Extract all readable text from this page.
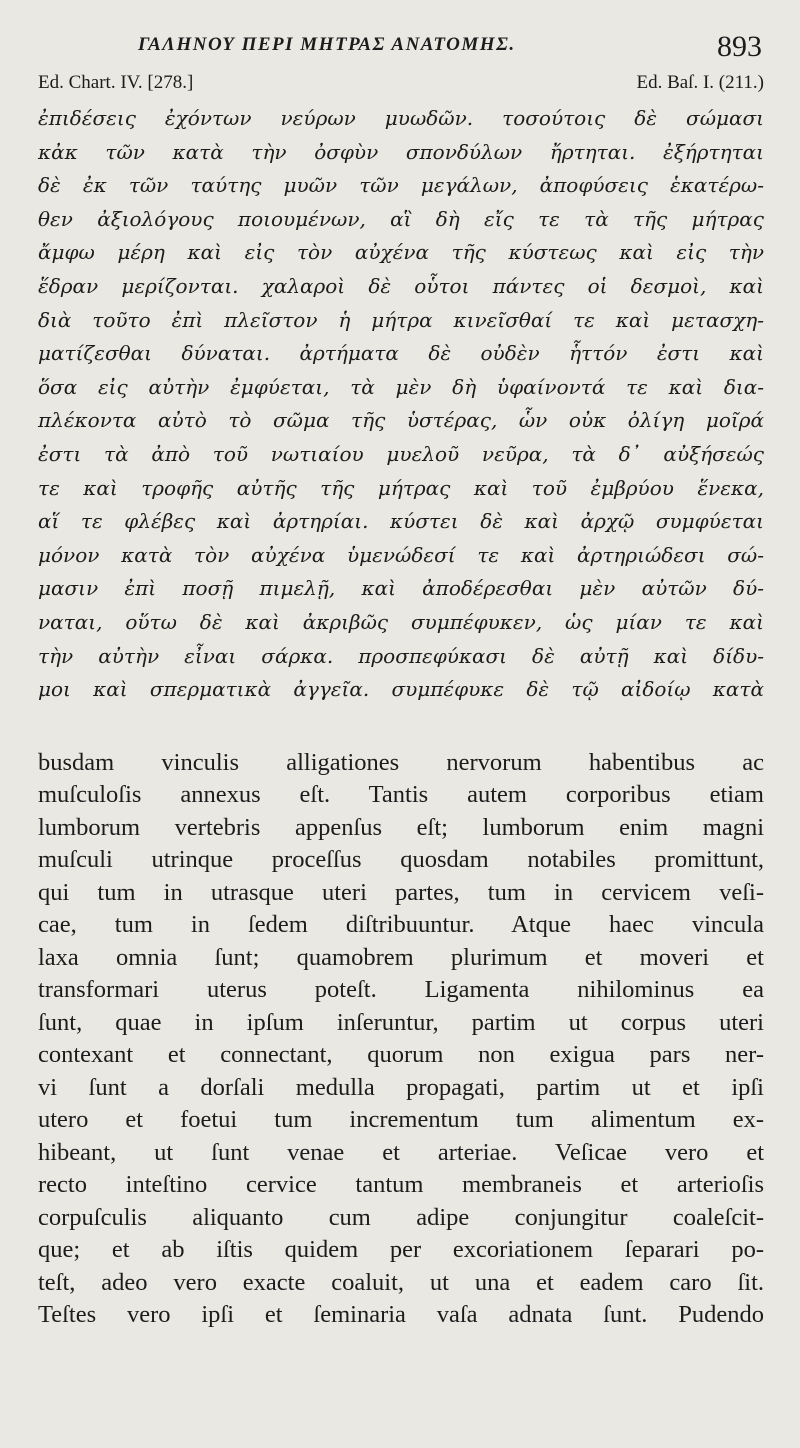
ΓΑΛΗΝΟΥ ΠΕΡΙ ΜΗΤΡΑΣ ΑΝΑΤΟΜΗΣ.	893
Ed. Chart. IV. [278.]	Ed. Baſ. I. (211.)
ἐπιδέσεις ἐχόντων νεύρων μυωδῶν. τοσούτοις δὲ σώμασι
κἀκ τῶν κατὰ τὴν ὀσφὺν σπονδύλων ἤρτηται. ἐξήρτηται
δὲ ἐκ τῶν ταύτης μυῶν τῶν μεγάλων, ἀποφύσεις ἑκατέρω-
θεν ἀξιολόγους ποιουμένων, αἳ δὴ εἴς τε τὰ τῆς μήτρας
ἄμφω μέρη καὶ εἰς τὸν αὐχένα τῆς κύστεως καὶ εἰς τὴν
ἕδραν μερίζονται. χαλαροὶ δὲ οὗτοι πάντες οἱ δεσμοὶ, καὶ
διὰ τοῦτο ἐπὶ πλεῖστον ἡ μήτρα κινεῖσθαί τε καὶ μετασχη-
ματίζεσθαι δύναται. ἀρτήματα δὲ οὐδὲν ἧττόν ἐστι καὶ
ὅσα εἰς αὐτὴν ἐμφύεται, τὰ μὲν δὴ ὑφαίνοντά τε καὶ δια-
πλέκοντα αὐτὸ τὸ σῶμα τῆς ὑστέρας, ὧν οὐκ ὀλίγη μοῖρά
ἐστι τὰ ἀπὸ τοῦ νωτιαίου μυελοῦ νεῦρα, τὰ δ᾽ αὐξήσεώς
τε καὶ τροφῆς αὐτῆς τῆς μήτρας καὶ τοῦ ἐμβρύου ἕνεκα,
αἵ τε φλέβες καὶ ἀρτηρίαι. κύστει δὲ καὶ ἀρχῷ συμφύεται
μόνον κατὰ τὸν αὐχένα ὑμενώδεσί τε καὶ ἀρτηριώδεσι σώ-
μασιν ἐπὶ ποσῇ πιμελῇ, καὶ ἀποδέρεσθαι μὲν αὐτῶν δύ-
ναται, οὕτω δὲ καὶ ἀκριβῶς συμπέφυκεν, ὡς μίαν τε καὶ
τὴν αὐτὴν εἶναι σάρκα. προσπεφύκασι δὲ αὐτῇ καὶ δίδυ-
μοι καὶ σπερματικὰ ἀγγεῖα. συμπέφυκε δὲ τῷ αἰδοίῳ κατὰ
busdam vinculis alligationes nervorum habentibus ac
muſculoſis annexus eſt. Tantis autem corporibus etiam
lumborum vertebris appenſus eſt; lumborum enim magni
muſculi utrinque proceſſus quosdam notabiles promittunt,
qui tum in utrasque uteri partes, tum in cervicem veſi-
cae, tum in ſedem diſtribuuntur. Atque haec vincula
laxa omnia ſunt; quamobrem plurimum et moveri et
transformari uterus poteſt. Ligamenta nihilominus ea
ſunt, quae in ipſum inſeruntur, partim ut corpus uteri
contexant et connectant, quorum non exigua pars ner-
vi ſunt a dorſali medulla propagati, partim ut et ipſi
utero et foetui tum incrementum tum alimentum ex-
hibeant, ut ſunt venae et arteriae. Veſicae vero et
recto inteſtino cervice tantum membraneis et arterioſis
corpuſculis aliquanto cum adipe conjungitur coaleſcit-
que; et ab iſtis quidem per excoriationem ſeparari po-
teſt, adeo vero exacte coaluit, ut una et eadem caro ſit.
Teſtes vero ipſi et ſeminaria vaſa adnata ſunt. Pudendo
